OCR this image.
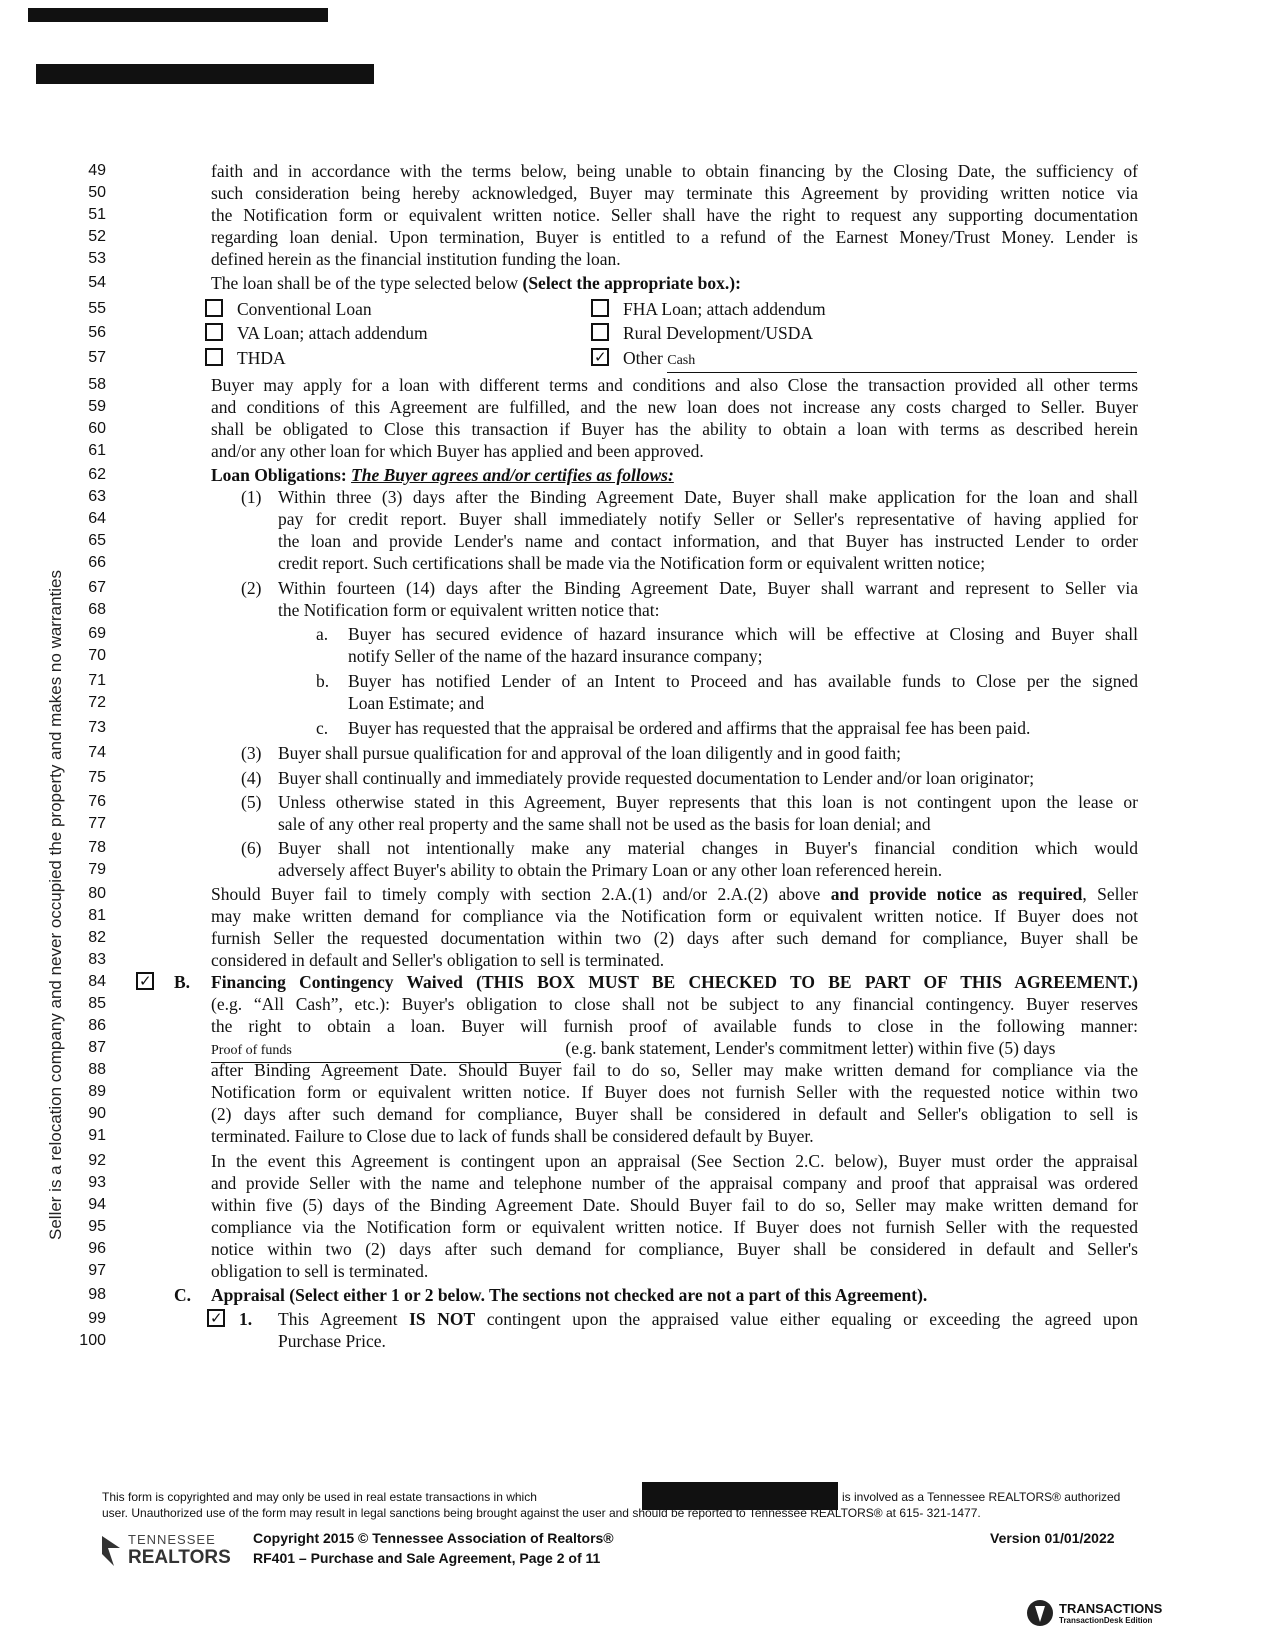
Seller is a relocation company and never occupied the property and makes no warranties
49
50
51
52
53
54
55
56
57
58
59
60
61
62
63
64
65
66
67
68
69
70
71
72
73
74
75
76
77
78
79
80
81
82
83
84
85
86
87
88
89
90
91
92
93
94
95
96
97
98
99
100
faith and in accordance with the terms below, being unable to obtain financing by the Closing Date, the sufficiency of
such consideration being hereby acknowledged, Buyer may terminate this Agreement by providing written notice via
the Notification form or equivalent written notice. Seller shall have the right to request any supporting documentation
regarding loan denial. Upon termination, Buyer is entitled to a refund of the Earnest Money/Trust Money. Lender is
defined herein as the financial institution funding the loan.
The loan shall be of the type selected below (Select the appropriate box.):
Conventional Loan	FHA Loan; attach addendum
VA Loan; attach addendum	Rural Development/USDA
THDA
✓	Other Cash
Buyer may apply for a loan with different terms and conditions and also Close the transaction provided all other terms
and conditions of this Agreement are fulfilled, and the new loan does not increase any costs charged to Seller. Buyer
shall be obligated to Close this transaction if Buyer has the ability to obtain a loan with terms as described herein
and/or any other loan for which Buyer has applied and been approved.
Loan Obligations: The Buyer agrees and/or certifies as follows:
(1) Within three (3) days after the Binding Agreement Date, Buyer shall make application for the loan and shall
pay for credit report. Buyer shall immediately notify Seller or Seller's representative of having applied for
the loan and provide Lender's name and contact information, and that Buyer has instructed Lender to order
credit report. Such certifications shall be made via the Notification form or equivalent written notice;
(2) Within fourteen (14) days after the Binding Agreement Date, Buyer shall warrant and represent to Seller via
the Notification form or equivalent written notice that:
a. Buyer has secured evidence of hazard insurance which will be effective at Closing and Buyer shall
notify Seller of the name of the hazard insurance company;
b. Buyer has notified Lender of an Intent to Proceed and has available funds to Close per the signed
Loan Estimate; and
c. Buyer has requested that the appraisal be ordered and affirms that the appraisal fee has been paid.
(3) Buyer shall pursue qualification for and approval of the loan diligently and in good faith;
(4) Buyer shall continually and immediately provide requested documentation to Lender and/or loan originator;
(5) Unless otherwise stated in this Agreement, Buyer represents that this loan is not contingent upon the lease or
sale of any other real property and the same shall not be used as the basis for loan denial; and
(6) Buyer shall not intentionally make any material changes in Buyer's financial condition which would
adversely affect Buyer's ability to obtain the Primary Loan or any other loan referenced herein.
Should Buyer fail to timely comply with section 2.A.(1) and/or 2.A.(2) above and provide notice as required, Seller
may make written demand for compliance via the Notification form or equivalent written notice. If Buyer does not
furnish Seller the requested documentation within two (2) days after such demand for compliance, Buyer shall be
considered in default and Seller's obligation to sell is terminated.
✓
B. Financing Contingency Waived (THIS BOX MUST BE CHECKED TO BE PART OF THIS AGREEMENT.)
(e.g. “All Cash”, etc.): Buyer's obligation to close shall not be subject to any financial contingency. Buyer reserves
the right to obtain a loan. Buyer will furnish proof of available funds to close in the following manner:
Proof of funds	(e.g. bank statement, Lender's commitment letter) within five (5) days
after Binding Agreement Date. Should Buyer fail to do so, Seller may make written demand for compliance via the
Notification form or equivalent written notice. If Buyer does not furnish Seller with the requested notice within two
(2) days after such demand for compliance, Buyer shall be considered in default and Seller's obligation to sell is
terminated. Failure to Close due to lack of funds shall be considered default by Buyer.
In the event this Agreement is contingent upon an appraisal (See Section 2.C. below), Buyer must order the appraisal
and provide Seller with the name and telephone number of the appraisal company and proof that appraisal was ordered
within five (5) days of the Binding Agreement Date. Should Buyer fail to do so, Seller may make written demand for
compliance via the Notification form or equivalent written notice. If Buyer does not furnish Seller with the requested
notice within two (2) days after such demand for compliance, Buyer shall be considered in default and Seller's
obligation to sell is terminated.
C. Appraisal (Select either 1 or 2 below. The sections not checked are not a part of this Agreement).
✓1. This Agreement IS NOT contingent upon the appraised value either equaling or exceeding the agreed upon
Purchase Price.
This form is copyrighted and may only be used in real estate transactions in which	is involved as a Tennessee REALTORS® authorized
user. Unauthorized use of the form may result in legal sanctions being brought against the user and should be reported to Tennessee REALTORS® at 615- 321-1477.
TENNESSEE
REALTORS
Copyright 2015 © Tennessee Association of Realtors®
RF401 – Purchase and Sale Agreement, Page 2 of 11
Version 01/01/2022
TRANSACTIONS
TransactionDesk Edition
